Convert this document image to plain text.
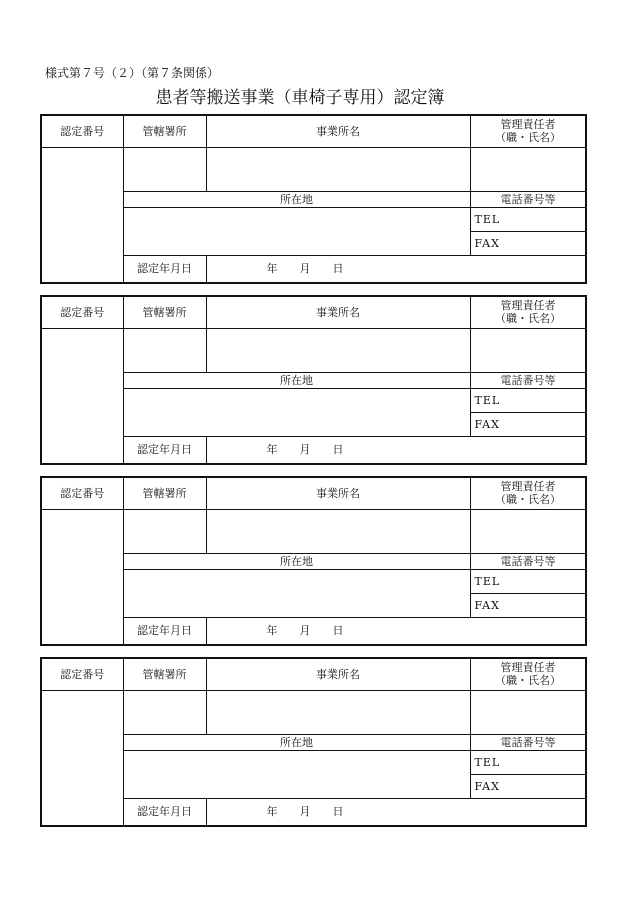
様式第７号（２）（第７条関係）
患者等搬送事業（車椅子専用）認定簿
認定番号	管轄署所	事業所名	管理責任者
（職・氏名）

	所在地		電話番号等
			TEL
			FAX
	認定年月日	年 月 日	
認定番号	管轄署所	事業所名	管理責任者
（職・氏名）

	所在地		電話番号等
			TEL
			FAX
	認定年月日	年 月 日	
認定番号	管轄署所	事業所名	管理責任者
（職・氏名）

	所在地		電話番号等
			TEL
			FAX
	認定年月日	年 月 日	
認定番号	管轄署所	事業所名	管理責任者
（職・氏名）

	所在地		電話番号等
			TEL
			FAX
	認定年月日	年 月 日	
